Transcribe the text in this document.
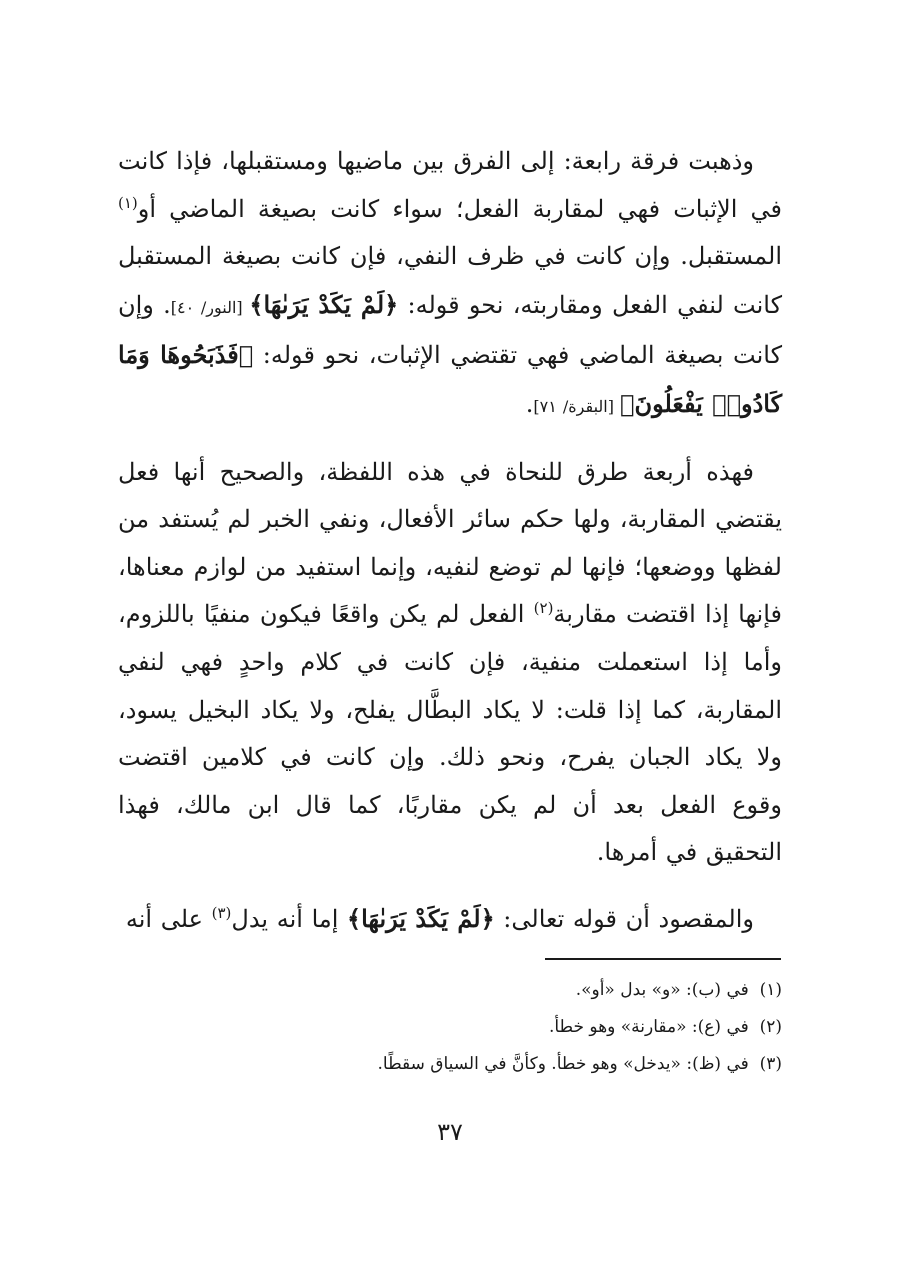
وذهبت فرقة رابعة: إلى الفرق بين ماضيها ومستقبلها، فإذا كانت في الإثبات فهي لمقاربة الفعل؛ سواء كانت بصيغة الماضي أو$^{(١)}$ المستقبل. وإن كانت في ظرف النفي، فإن كانت بصيغة المستقبل كانت لنفي الفعل ومقاربته، نحو قوله: ﴿لَمْ يَكَدْ يَرَىٰهَا﴾ [النور/ ٤٠]. وإن كانت بصيغة الماضي فهي تقتضي الإثبات، نحو قوله: ﴿فَذَبَحُوهَا وَمَا كَادُوا۟ يَفْعَلُونَ﴾ [البقرة/ ٧١].

فهذه أربعة طرق للنحاة في هذه اللفظة، والصحيح أنها فعل يقتضي المقاربة، ولها حكم سائر الأفعال، ونفي الخبر لم يُستفد من لفظها ووضعها؛ فإنها لم توضع لنفيه، وإنما استفيد من لوازم معناها، فإنها إذا اقتضت مقاربة$^{(٢)}$ الفعل لم يكن واقعًا فيكون منفيًا باللزوم، وأما إذا استعملت منفية، فإن كانت في كلام واحدٍ فهي لنفي المقاربة، كما إذا قلت: لا يكاد البطَّال يفلح، ولا يكاد البخيل يسود، ولا يكاد الجبان يفرح، ونحو ذلك. وإن كانت في كلامين اقتضت وقوع الفعل بعد أن لم يكن مقاربًا، كما قال ابن مالك، فهذا التحقيق في أمرها.

والمقصود أن قوله تعالى: ﴿لَمْ يَكَدْ يَرَىٰهَا﴾ إما أنه يدل$^{(٣)}$ على أنه

(١)  في (ب): «و» بدل «أو».

(٢)  في (ع): «مقارنة» وهو خطأ.

(٣)  في (ظ): «يدخل» وهو خطأ. وكأنَّ في السياق سقطًا.

٣٧
